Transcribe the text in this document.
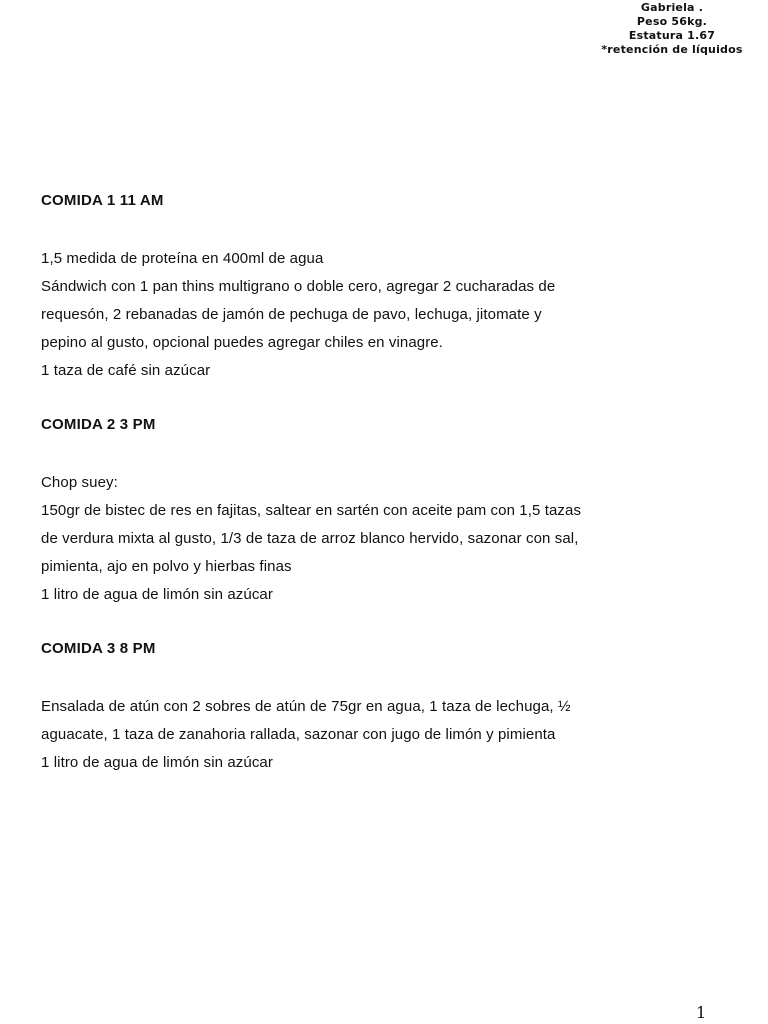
Gabriela .
Peso 56kg.
Estatura 1.67
*retención de líquidos

COMIDA 1 11 AM

1,5 medida de proteína en 400ml de agua
Sándwich con 1 pan thins multigrano o doble cero, agregar 2 cucharadas de
requesón, 2 rebanadas de jamón de pechuga de pavo, lechuga, jitomate y
pepino al gusto, opcional puedes agregar chiles en vinagre.
1 taza de café sin azúcar

COMIDA 2 3 PM

Chop suey:
150gr de bistec de res en fajitas, saltear en sartén con aceite pam con 1,5 tazas
de verdura mixta al gusto, 1/3 de taza de arroz blanco hervido, sazonar con sal,
pimienta, ajo en polvo y hierbas finas
1 litro de agua de limón sin azúcar

COMIDA 3 8 PM

Ensalada de atún con 2 sobres de atún de 75gr en agua, 1 taza de lechuga, ½
aguacate, 1 taza de zanahoria rallada, sazonar con jugo de limón y pimienta
1 litro de agua de limón sin azúcar
1
